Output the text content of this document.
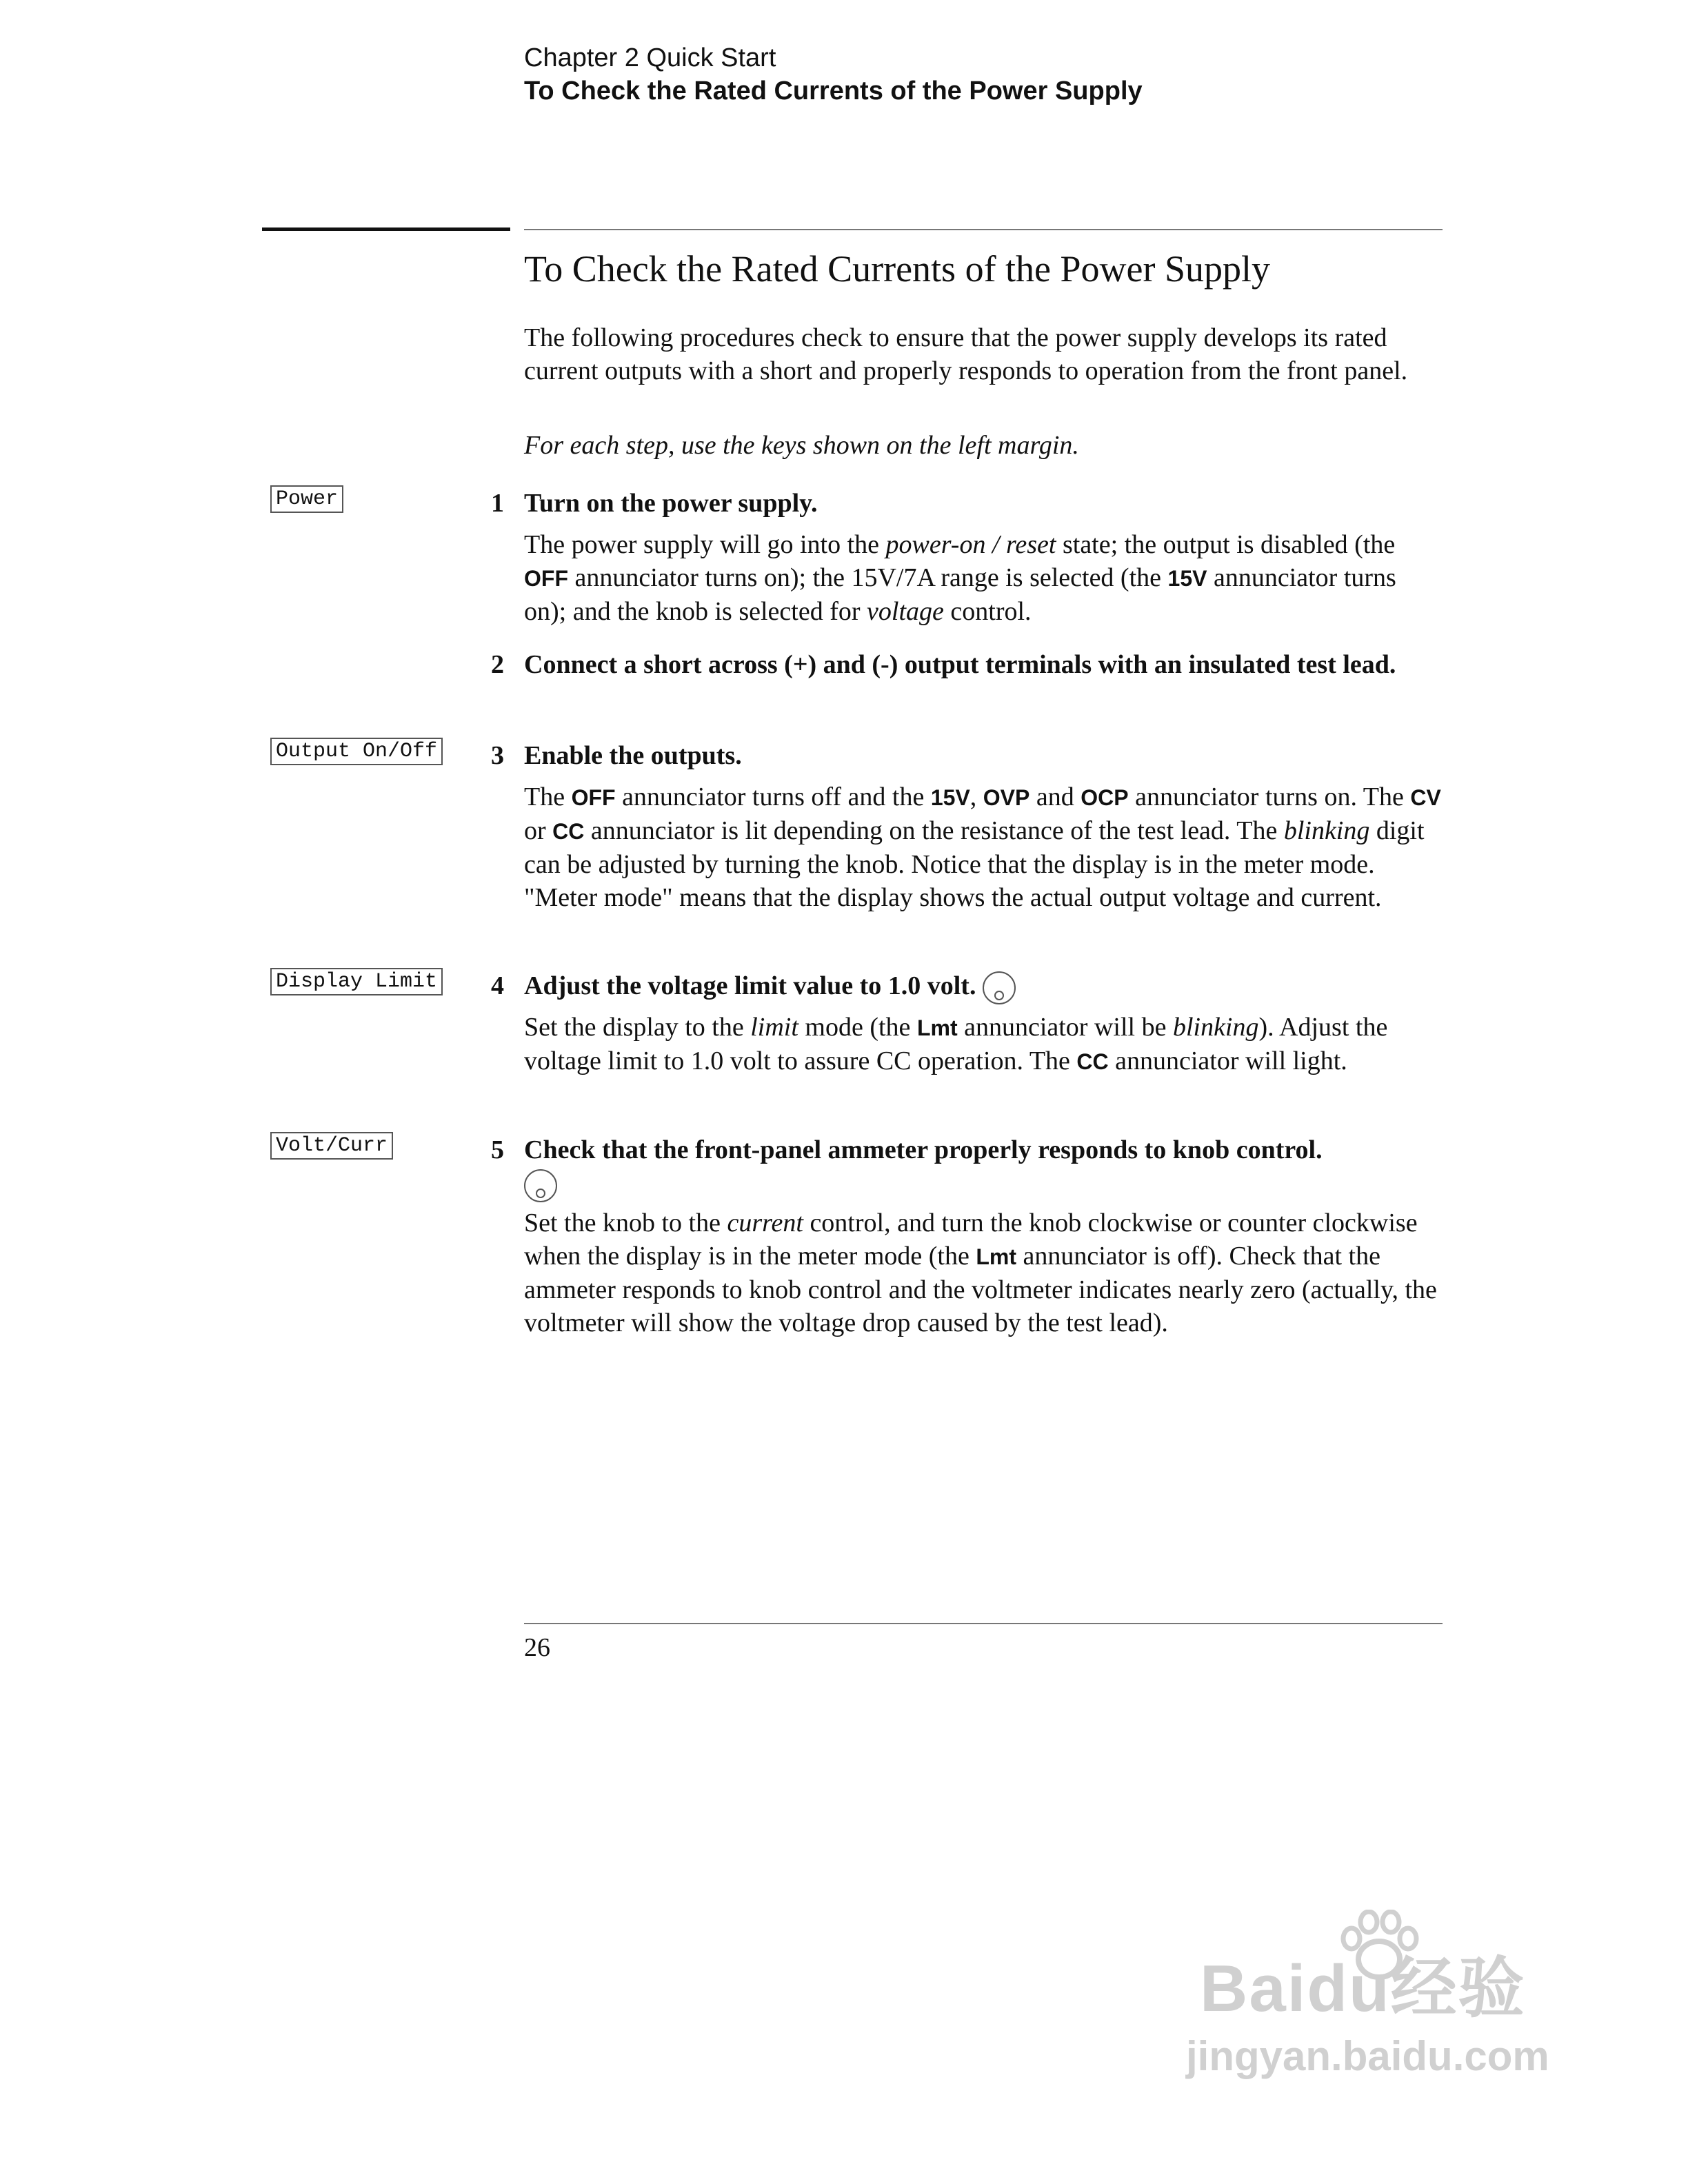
Chapter 2 Quick Start
To Check the Rated Currents of the Power Supply
To Check the Rated Currents of the Power Supply

The following procedures check to ensure that the power supply develops its rated current outputs with a short and properly responds to operation from the front panel.

For each step, use the keys shown on the left margin.

Power
Output On/Off
Display Limit
Volt/Curr
1 Turn on the power supply.

The power supply will go into the power-on / reset state; the output is disabled (the OFF annunciator turns on); the 15V/7A range is selected (the 15V annunciator turns on); and the knob is selected for voltage control.

2 Connect a short across (+) and (-) output terminals with an insulated test lead.

3 Enable the outputs.

The OFF annunciator turns off and the 15V, OVP and OCP annunciator turns on. The CV or CC annunciator is lit depending on the resistance of the test lead. The blinking digit can be adjusted by turning the knob. Notice that the display is in the meter mode. "Meter mode" means that the display shows the actual output voltage and current.

4 Adjust the voltage limit value to 1.0 volt.

Set the display to the limit mode (the Lmt annunciator will be blinking). Adjust the voltage limit to 1.0 volt to assure CC operation. The CC annunciator will light.

5 Check that the front-panel ammeter properly responds to knob control.

Set the knob to the current control, and turn the knob clockwise or counter clockwise when the display is in the meter mode (the Lmt annunciator is off). Check that the ammeter responds to knob control and the voltmeter indicates nearly zero (actually, the voltmeter will show the voltage drop caused by the test lead).

26
Baidu经验
jingyan.baidu.com
